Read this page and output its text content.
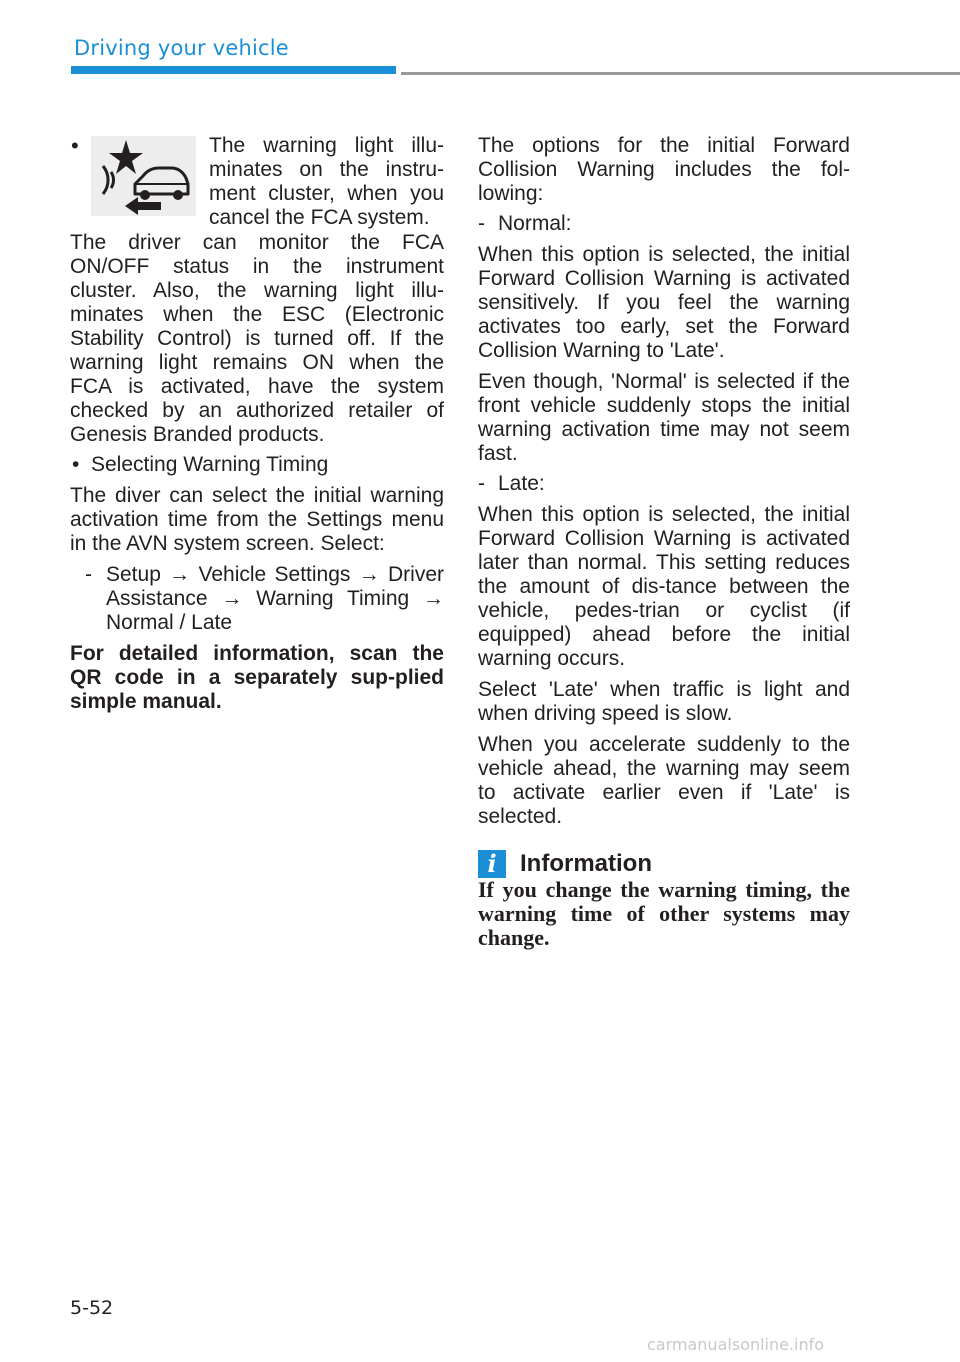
Driving your vehicle
•	The warning light illu-minates on the instru-ment cluster, when you cancel the FCA system.

The driver can monitor the FCA ON/OFF status in the instrument cluster. Also, the warning light illu-minates when the ESC (Electronic Stability Control) is turned off. If the warning light remains ON when the FCA is activated, have the system checked by an authorized retailer of Genesis Branded products.

• Selecting Warning Timing

The diver can select the initial warning activation time from the Settings menu in the AVN system screen. Select:

- Setup → Vehicle Settings → Driver Assistance → Warning Timing → Normal / Late

For detailed information, scan the QR code in a separately sup-plied simple manual.

The options for the initial Forward Collision Warning includes the fol-lowing:

- Normal:

When this option is selected, the initial Forward Collision Warning is activated sensitively. If you feel the warning activates too early, set the Forward Collision Warning to 'Late'.

Even though, 'Normal' is selected if the front vehicle suddenly stops the initial warning activation time may not seem fast.

- Late:

When this option is selected, the initial Forward Collision Warning is activated later than normal. This setting reduces the amount of dis-tance between the vehicle, pedes-trian or cyclist (if equipped) ahead before the initial warning occurs.

Select 'Late' when traffic is light and when driving speed is slow.

When you accelerate suddenly to the vehicle ahead, the warning may seem to activate earlier even if 'Late' is selected.

i Information

If you change the warning timing, the warning time of other systems may change.

5-52
carmanualsonline.info
